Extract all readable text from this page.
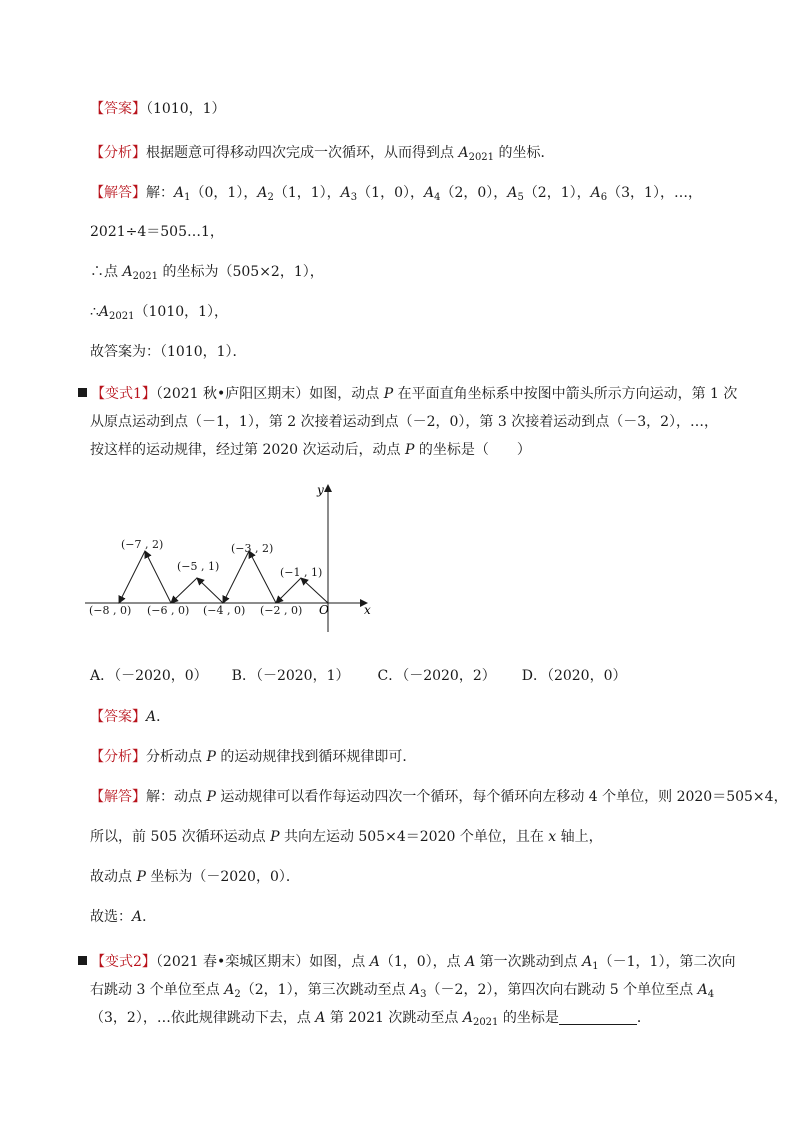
【答案】（1010，1）
【分析】根据题意可得移动四次完成一次循环，从而得到点 $A_{2021}$ 的坐标．
【解答】解：$A_1(0$，1），$A_2(1$，1），$A_3(1$，0），$A_4(2$，0），$A_5(2$，1），$A_6(3$，1），…，
2021÷4＝505…1，
∴点 $A_{2021}$ 的坐标为（505×2，1），
$\therefore A_{2021}(1010$，1），
故答案为：（1010，1）．
【变式1】（2021 秋•庐阳区期末）如图，动点 P 在平面直角坐标系中按图中箭头所示方向运动，第 1 次
从原点运动到点（－1，1），第 2 次接着运动到点（－2，0），第 3 次接着运动到点（－3，2），…，
按这样的运动规律，经过第 2020 次运动后，动点 P 的坐标是（　　）
y
x
O
(−7 , 2)
(−5 , 1)
(−3 , 2)
(−1 , 1)
(−8 , 0) (−6 , 0) (−4 , 0) (−2 , 0)
A．（－2020，0） B．（－2020，1） C．（－2020，2） D．（2020，0）
【答案】A．
【分析】分析动点 P 的运动规律找到循环规律即可．
【解答】解：动点 P 运动规律可以看作每运动四次一个循环，每个循环向左移动 4 个单位，则 2020＝505×4，
所以，前 505 次循环运动点 P 共向左运动 505×4＝2020 个单位，且在 x 轴上，
故动点 P 坐标为（－2020，0）．
故选：A．
【变式2】（2021 春•栾城区期末）如图，点 A（1，0），点 A 第一次跳动到点 $A_1(-1$，1），第二次向
右跳动 3 个单位至点 $A_2(2$，1），第三次跳动至点 $A_3(-2$，2），第四次向右跳动 5 个单位至点 $A_4$
（3，2），…依此规律跳动下去，点 A 第 2021 次跳动至点 $A_{2021}$ 的坐标是	．
